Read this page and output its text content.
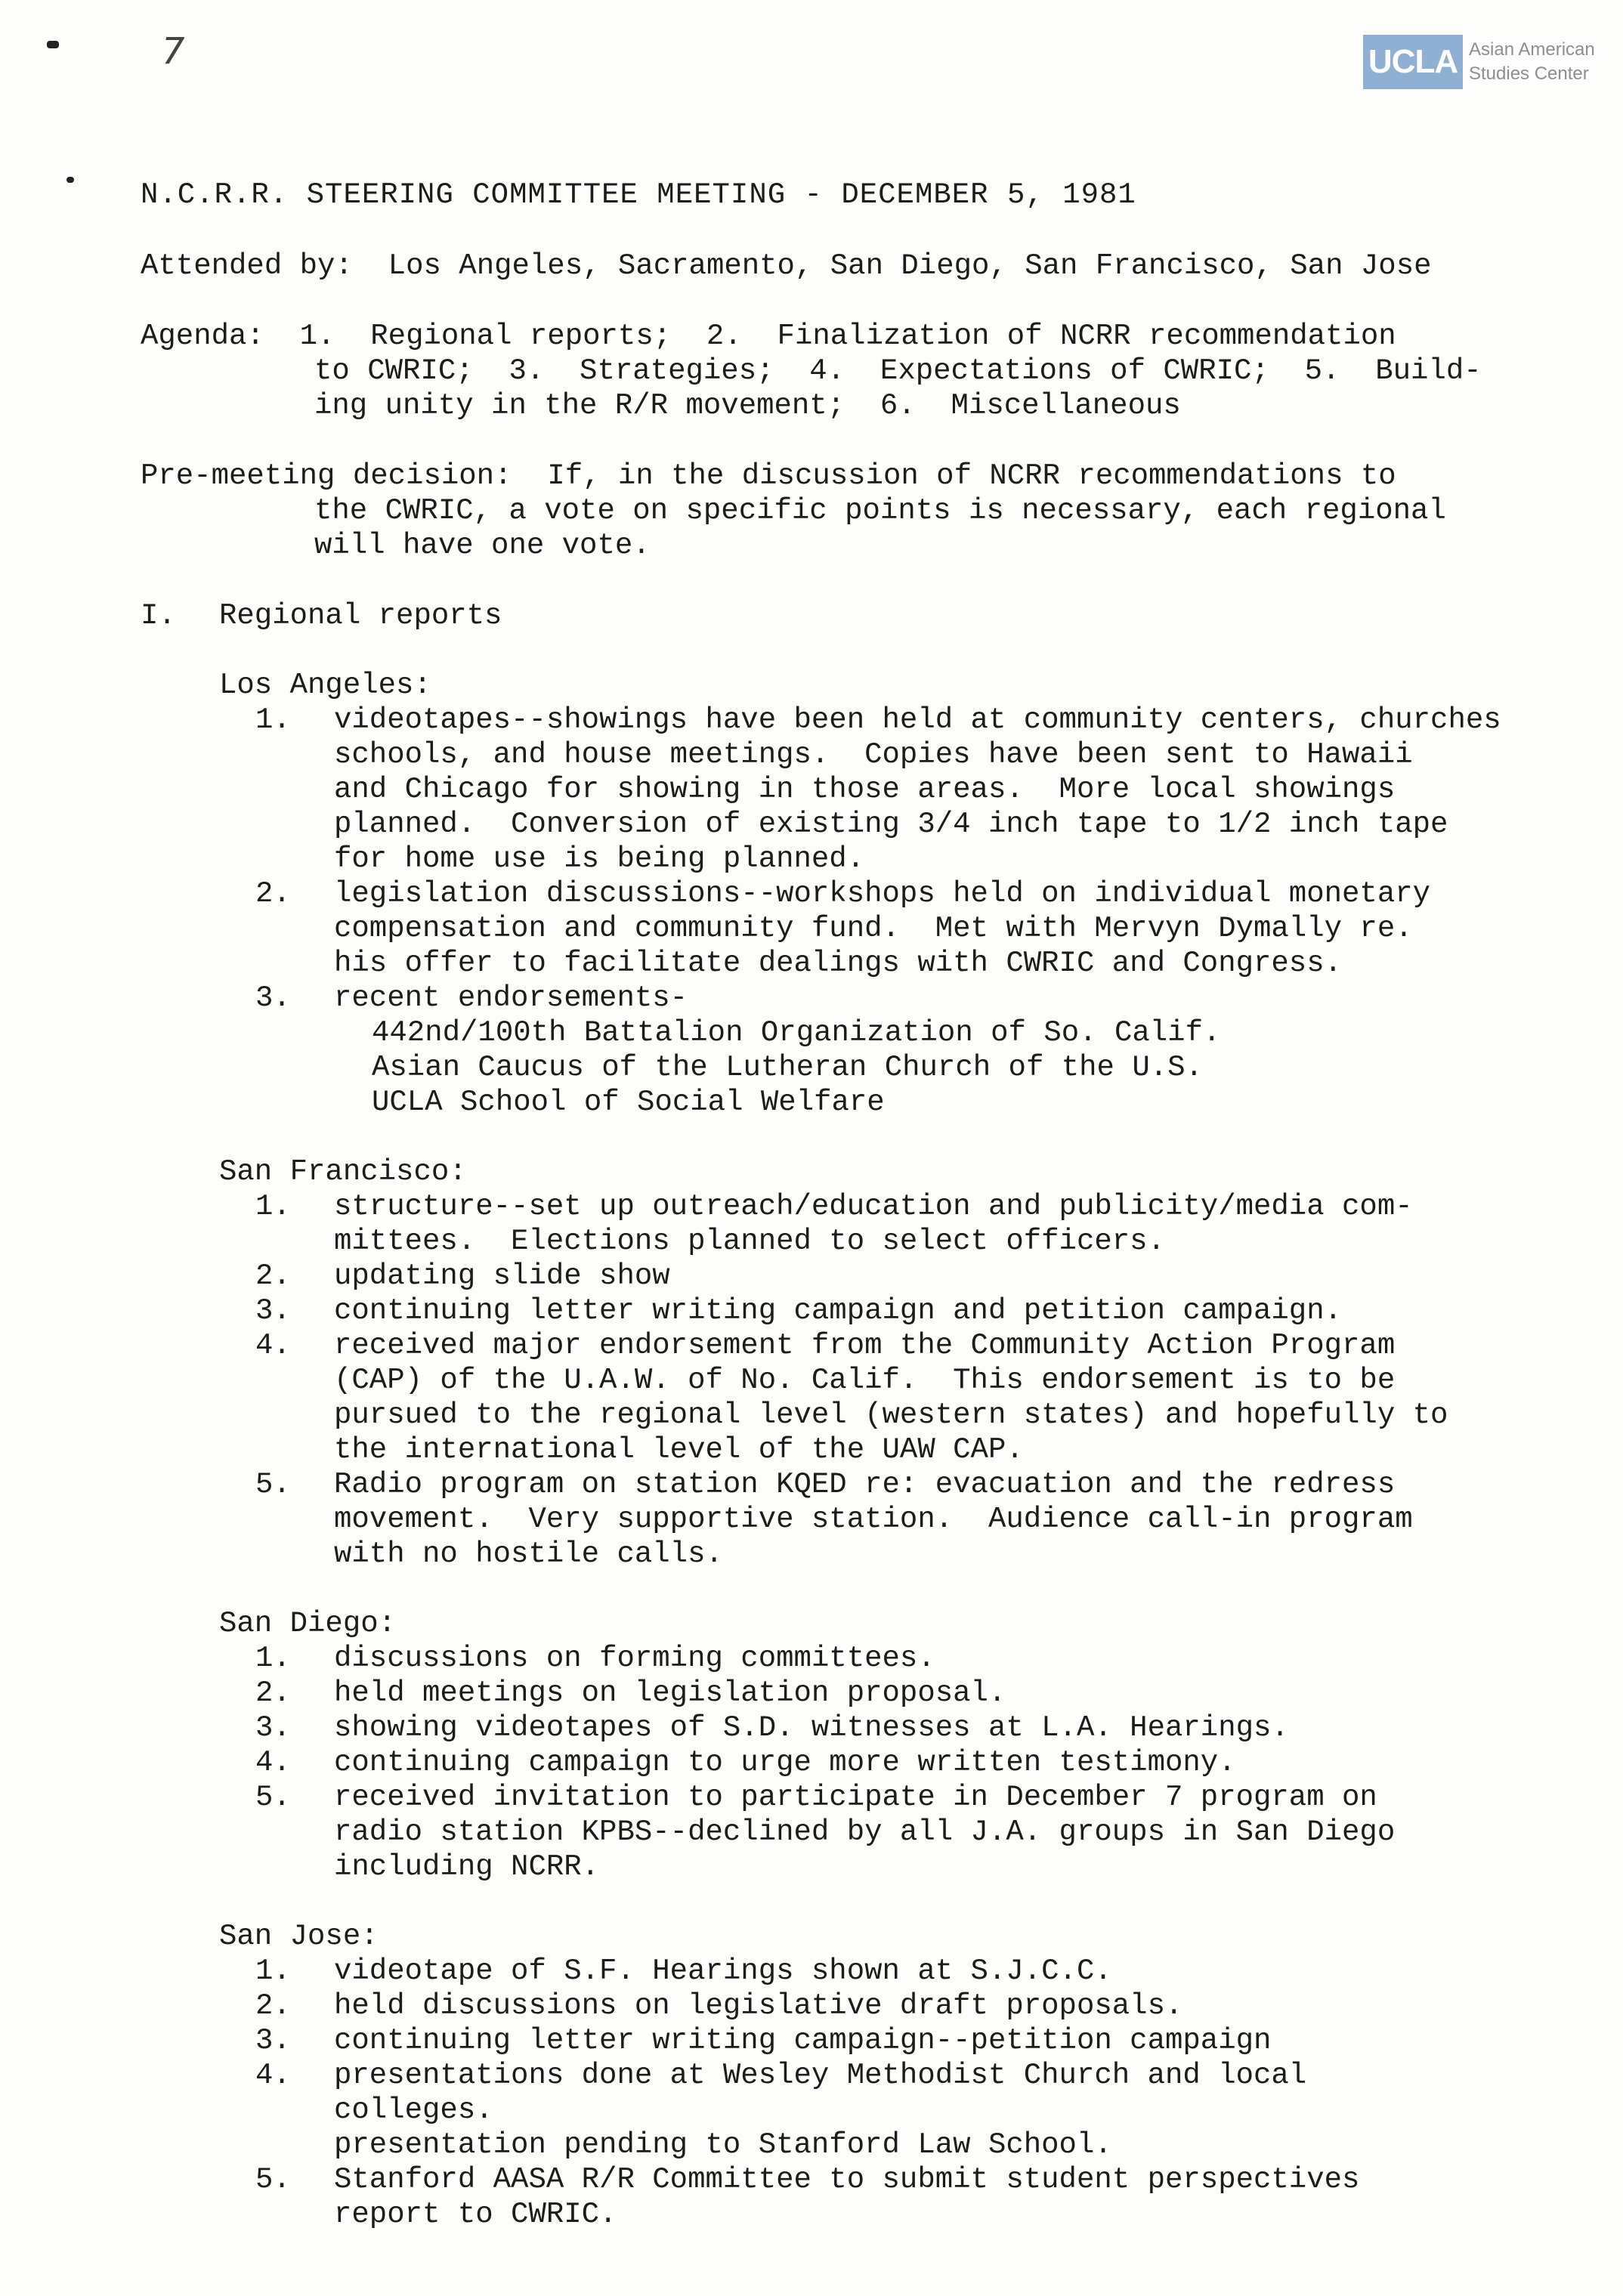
7	UCLA Asian American
Studies Center
N.C.R.R. STEERING COMMITTEE MEETING - DECEMBER 5, 1981
Attended by:
Los Angeles, Sacramento, San Diego, San Francisco, San Jose
Agenda: 1.  Regional reports;  2.  Finalization of NCRR recommendation
to CWRIC;  3.  Strategies;  4.  Expectations of CWRIC;  5.  Build-
ing unity in the R/R movement;  6.  Miscellaneous
Pre-meeting decision: If, in the discussion of NCRR recommendations to
the CWRIC, a vote on specific points is necessary, each regional
will have one vote.
I.	Regional reports
Los Angeles:
1.	videotapes--showings have been held at community centers, churches
schools, and house meetings.  Copies have been sent to Hawaii
and Chicago for showing in those areas.  More local showings
planned.  Conversion of existing 3/4 inch tape to 1/2 inch tape
for home use is being planned.
2.	legislation discussions--workshops held on individual monetary
compensation and community fund.  Met with Mervyn Dymally re.
his offer to facilitate dealings with CWRIC and Congress.
3.	recent endorsements-
442nd/100th Battalion Organization of So. Calif.
Asian Caucus of the Lutheran Church of the U.S.
UCLA School of Social Welfare
San Francisco:
1.	structure--set up outreach/education and publicity/media com-
mittees.  Elections planned to select officers.
2.	updating slide show
3.	continuing letter writing campaign and petition campaign.
4.	received major endorsement from the Community Action Program
(CAP) of the U.A.W. of No. Calif.  This endorsement is to be
pursued to the regional level (western states) and hopefully to
the international level of the UAW CAP.
5.	Radio program on station KQED re: evacuation and the redress
movement.  Very supportive station.  Audience call-in program
with no hostile calls.
San Diego:
1.	discussions on forming committees.
2.	held meetings on legislation proposal.
3.	showing videotapes of S.D. witnesses at L.A. Hearings.
4.	continuing campaign to urge more written testimony.
5.	received invitation to participate in December 7 program on
radio station KPBS--declined by all J.A. groups in San Diego
including NCRR.
San Jose:
1.	videotape of S.F. Hearings shown at S.J.C.C.
2.	held discussions on legislative draft proposals.
3.	continuing letter writing campaign--petition campaign
4.	presentations done at Wesley Methodist Church and local
colleges.
presentation pending to Stanford Law School.
5.	Stanford AASA R/R Committee to submit student perspectives
report to CWRIC.
